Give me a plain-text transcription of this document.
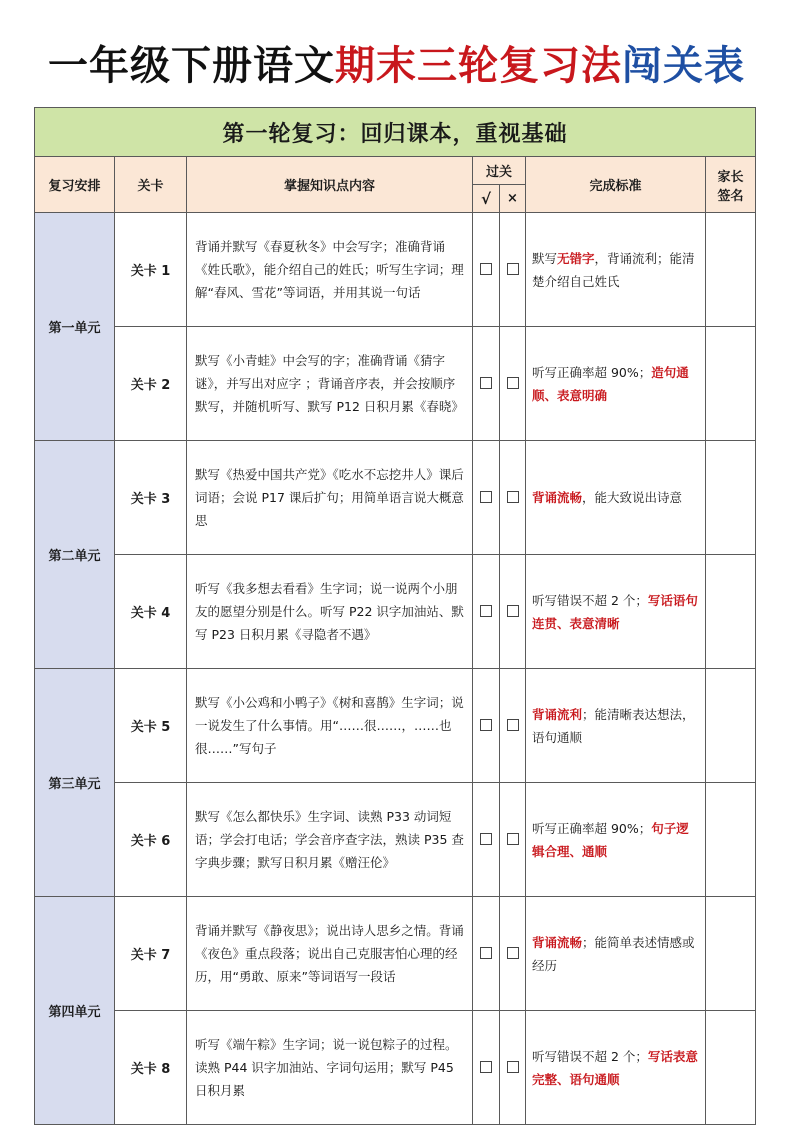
一年级下册语文期末三轮复习法闯关表
第一轮复习：回归课本，重视基础						
复习安排	关卡	掌握知识点内容	过关		完成标准	家长
签名

			√	×		
第一单元	关卡 1	背诵并默写《春夏秋冬》中会写字；准确背诵《姓氏歌》，能介绍自己的姓氏；听写生字词；理解“春风、雪花”等词语，并用其说一句话			默写无错字，背诵流利；能清楚介绍自己姓氏	
	关卡 2	默写《小青蛙》中会写的字；准确背诵《猜字谜》，并写出对应字 ；背诵音序表，并会按顺序默写，并随机听写、默写 P12 日积月累《春晓》			听写正确率超 90%；造句通顺、表意明确	
第二单元	关卡 3	默写《热爱中国共产党》《吃水不忘挖井人》课后词语；会说 P17 课后扩句；用简单语言说大概意思			背诵流畅，能大致说出诗意	
	关卡 4	听写《我多想去看看》生字词；说一说两个小朋友的愿望分别是什么。听写 P22 识字加油站、默写 P23 日积月累《寻隐者不遇》			听写错误不超 2 个；写话语句连贯、表意清晰	
第三单元	关卡 5	默写《小公鸡和小鸭子》《树和喜鹊》生字词；说一说发生了什么事情。用“……很……，……也很……”写句子			背诵流利；能清晰表达想法，语句通顺	
	关卡 6	默写《怎么都快乐》生字词、读熟 P33 动词短语；学会打电话；学会音序查字法，熟读 P35 查字典步骤；默写日积月累《赠汪伦》			听写正确率超 90%；句子逻辑合理、通顺	
第四单元	关卡 7	背诵并默写《静夜思》；说出诗人思乡之情。背诵《夜色》重点段落；说出自己克服害怕心理的经历，用“勇敢、原来”等词语写一段话			背诵流畅；能简单表述情感或经历	
	关卡 8	听写《端午粽》生字词；说一说包粽子的过程。读熟 P44 识字加油站、字词句运用；默写 P45 日积月累			听写错误不超 2 个；写话表意完整、语句通顺	
